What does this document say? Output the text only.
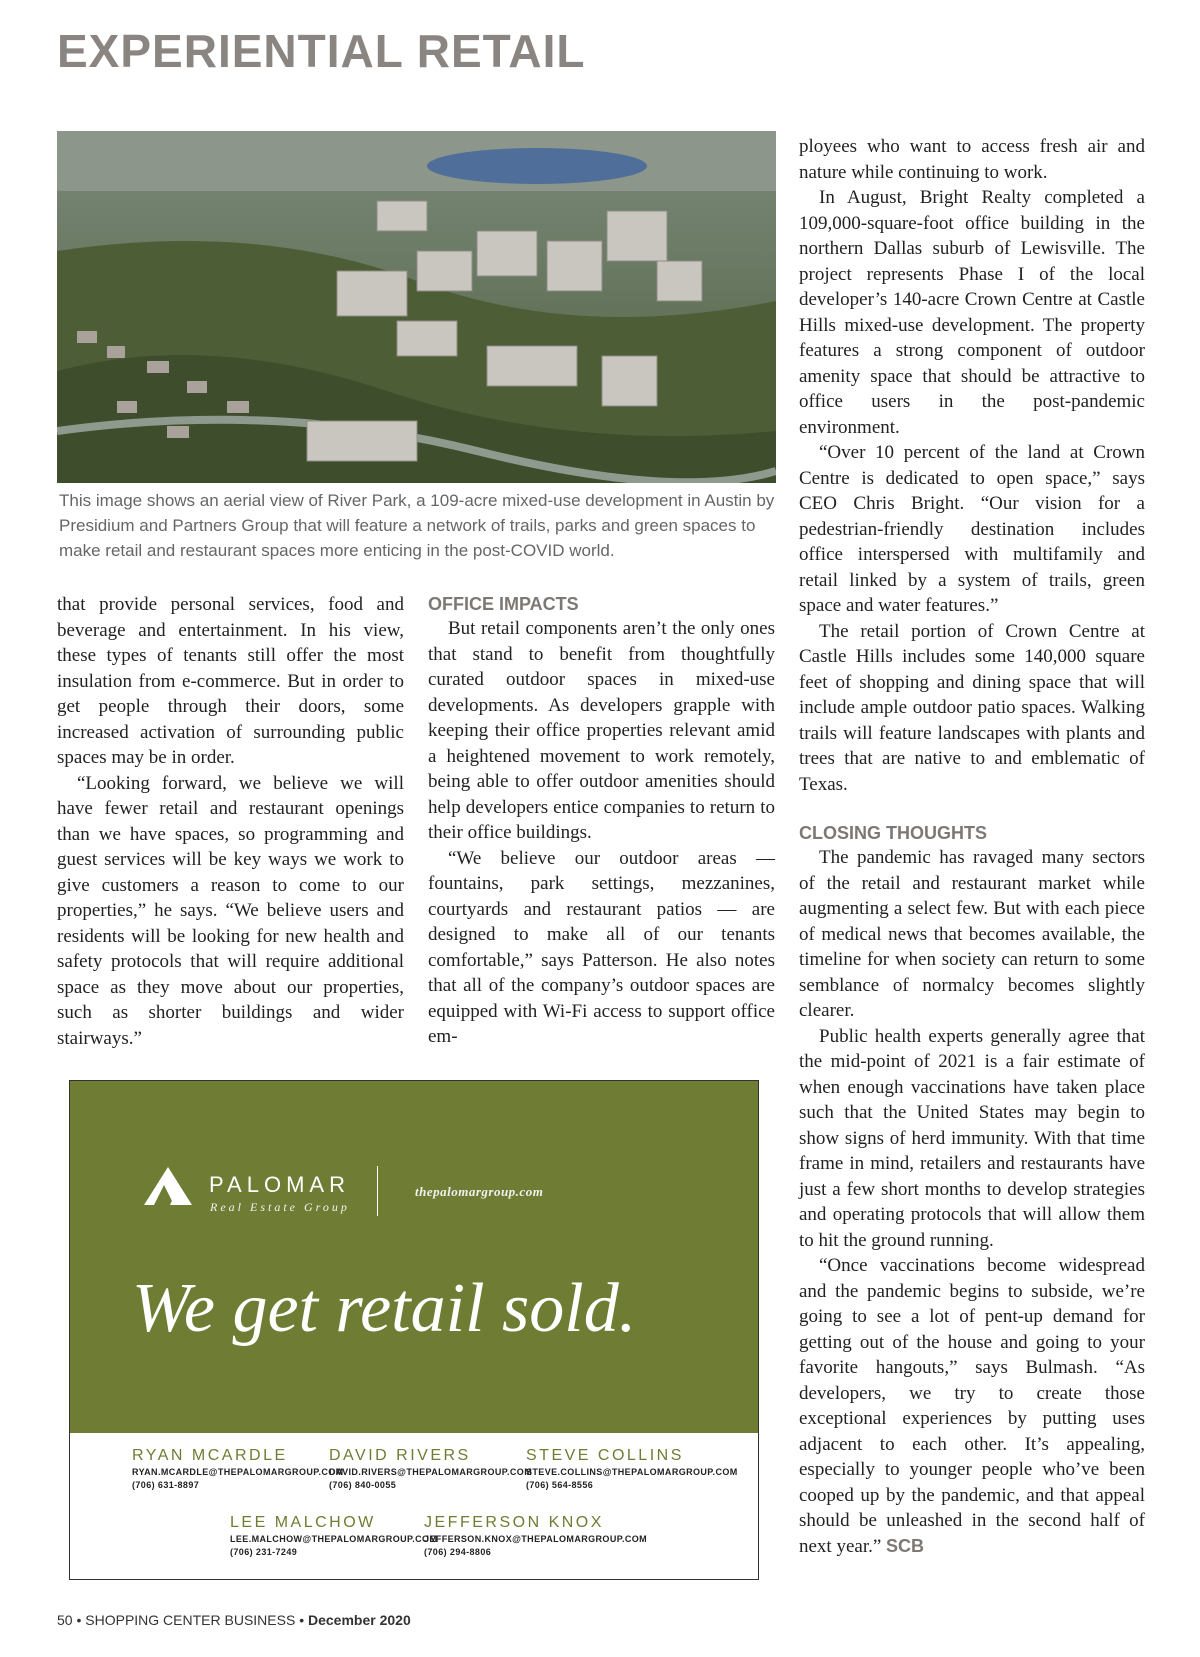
EXPERIENTIAL RETAIL

This image shows an aerial view of River Park, a 109-acre mixed-use development in Austin by Presidium and Partners Group that will feature a network of trails, parks and green spaces to make retail and restaurant spaces more enticing in the post-COVID world.

that provide personal services, food and beverage and entertainment. In his view, these types of tenants still offer the most insulation from e-commerce. But in order to get people through their doors, some increased activation of surrounding public spaces may be in order.

“Looking forward, we believe we will have fewer retail and restaurant openings than we have spaces, so programming and guest services will be key ways we work to give customers a reason to come to our properties,” he says. “We believe users and residents will be looking for new health and safety protocols that will require additional space as they move about our properties, such as shorter buildings and wider stairways.”

OFFICE IMPACTS

But retail components aren’t the only ones that stand to benefit from thoughtfully curated outdoor spaces in mixed-use developments. As developers grapple with keeping their office properties relevant amid a heightened movement to work remotely, being able to offer outdoor amenities should help developers entice companies to return to their office buildings.

“We believe our outdoor areas — fountains, park settings, mezzanines, courtyards and restaurant patios — are designed to make all of our tenants comfortable,” says Patterson. He also notes that all of the company’s outdoor spaces are equipped with Wi-Fi access to support office em-

ployees who want to access fresh air and nature while continuing to work.

In August, Bright Realty completed a 109,000-square-foot office building in the northern Dallas suburb of Lewisville. The project represents Phase I of the local developer’s 140-acre Crown Centre at Castle Hills mixed-use development. The property features a strong component of outdoor amenity space that should be attractive to office users in the post-pandemic environment.

“Over 10 percent of the land at Crown Centre is dedicated to open space,” says CEO Chris Bright. “Our vision for a pedestrian-friendly destination includes office interspersed with multifamily and retail linked by a system of trails, green space and water features.”

The retail portion of Crown Centre at Castle Hills includes some 140,000 square feet of shopping and dining space that will include ample outdoor patio spaces. Walking trails will feature landscapes with plants and trees that are native to and emblematic of Texas.

CLOSING THOUGHTS

The pandemic has ravaged many sectors of the retail and restaurant market while augmenting a select few. But with each piece of medical news that becomes available, the timeline for when society can return to some semblance of normalcy becomes slightly clearer.

Public health experts generally agree that the mid-point of 2021 is a fair estimate of when enough vaccinations have taken place such that the United States may begin to show signs of herd immunity. With that time frame in mind, retailers and restaurants have just a few short months to develop strategies and operating protocols that will allow them to hit the ground running.

“Once vaccinations become widespread and the pandemic begins to subside, we’re going to see a lot of pent-up demand for getting out of the house and going to your favorite hangouts,” says Bulmash. “As developers, we try to create those exceptional experiences by putting uses adjacent to each other. It’s appealing, especially to younger people who’ve been cooped up by the pandemic, and that appeal should be unleashed in the second half of next year.” SCB

PALOMAR
Real Estate Group
thepalomargroup.com
We get retail sold.
RYAN MCARDLE
RYAN.MCARDLE@THEPALOMARGROUP.COM
(706) 631-8897
DAVID RIVERS
DAVID.RIVERS@THEPALOMARGROUP.COM
(706) 840-0055
STEVE COLLINS
STEVE.COLLINS@THEPALOMARGROUP.COM
(706) 564-8556
LEE MALCHOW
LEE.MALCHOW@THEPALOMARGROUP.COM
(706) 231-7249
JEFFERSON KNOX
JEFFERSON.KNOX@THEPALOMARGROUP.COM
(706) 294-8806
50 • SHOPPING CENTER BUSINESS • December 2020
